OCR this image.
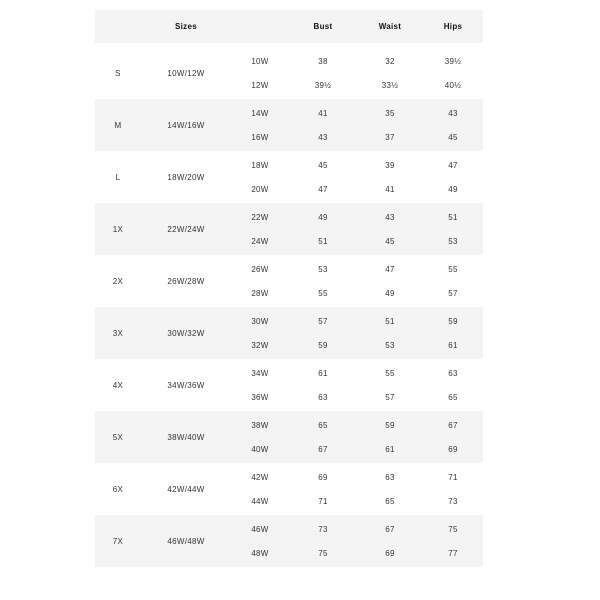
Sizes	Bust	Waist	Hips
S	10W/12W
10W	38	32	39½
12W	39½	33½	40½
M	14W/16W
14W	41	35	43
16W	43	37	45
L	18W/20W
18W	45	39	47
20W	47	41	49
1X	22W/24W
22W	49	43	51
24W	51	45	53
2X	26W/28W
26W	53	47	55
28W	55	49	57
3X	30W/32W
30W	57	51	59
32W	59	53	61
4X	34W/36W
34W	61	55	63
36W	63	57	65
5X	38W/40W
38W	65	59	67
40W	67	61	69
6X	42W/44W
42W	69	63	71
44W	71	65	73
7X	46W/48W
46W	73	67	75
48W	75	69	77
